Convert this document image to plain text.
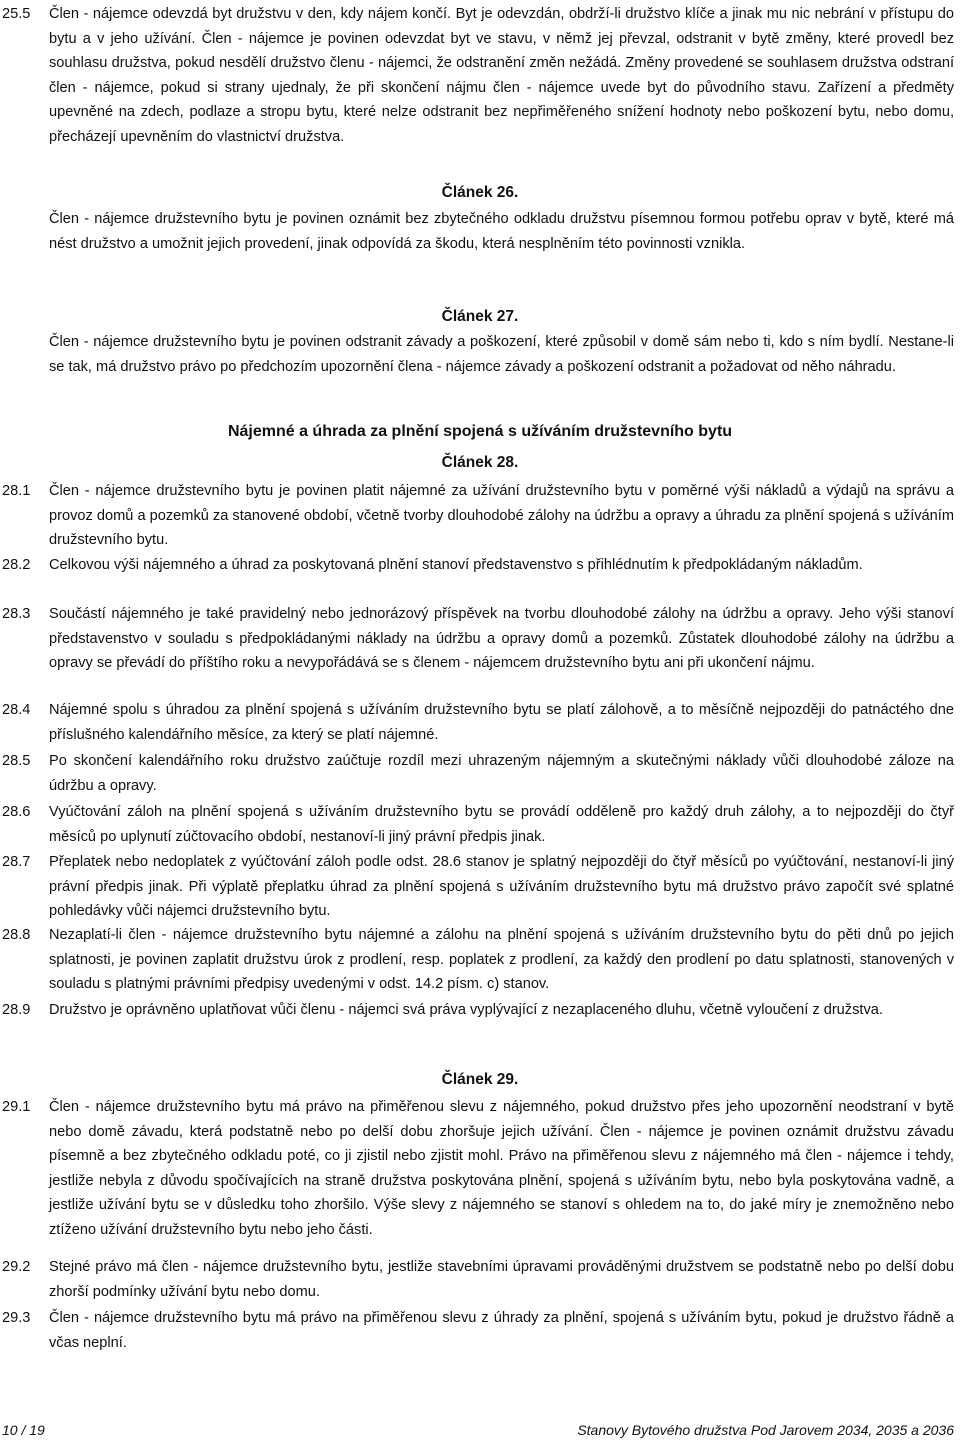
25.5 Člen - nájemce odevzdá byt družstvu v den, kdy nájem končí. Byt je odevzdán, obdrží-li družstvo klíče a jinak mu nic nebrání v přístupu do bytu a v jeho užívání. Člen - nájemce je povinen odevzdat byt ve stavu, v němž jej převzal, odstranit v bytě změny, které provedl bez souhlasu družstva, pokud nesdělí družstvo členu - nájemci, že odstranění změn nežádá. Změny provedené se souhlasem družstva odstraní člen - nájemce, pokud si strany ujednaly, že při skončení nájmu člen - nájemce uvede byt do původního stavu. Zařízení a předměty upevněné na zdech, podlaze a stropu bytu, které nelze odstranit bez nepřiměřeného snížení hodnoty nebo poškození bytu, nebo domu, přecházejí upevněním do vlastnictví družstva.
Článek 26.
Člen - nájemce družstevního bytu je povinen oznámit bez zbytečného odkladu družstvu písemnou formou potřebu oprav v bytě, které má nést družstvo a umožnit jejich provedení, jinak odpovídá za škodu, která nesplněním této povinnosti vznikla.
Článek 27.
Člen - nájemce družstevního bytu je povinen odstranit závady a poškození, které způsobil v domě sám nebo ti, kdo s ním bydlí. Nestane-li se tak, má družstvo právo po předchozím upozornění člena - nájemce závady a poškození odstranit a požadovat od něho náhradu.
Nájemné a úhrada za plnění spojená s užíváním družstevního bytu
Článek 28.
28.1 Člen - nájemce družstevního bytu je povinen platit nájemné za užívání družstevního bytu v poměrné výši nákladů a výdajů na správu a provoz domů a pozemků za stanovené období, včetně tvorby dlouhodobé zálohy na údržbu a opravy a úhradu za plnění spojená s užíváním družstevního bytu.
28.2 Celkovou výši nájemného a úhrad za poskytovaná plnění stanoví představenstvo s přihlédnutím k předpokládaným nákladům.
28.3 Součástí nájemného je také pravidelný nebo jednorázový příspěvek na tvorbu dlouhodobé zálohy na údržbu a opravy. Jeho výši stanoví představenstvo v souladu s předpokládanými náklady na údržbu a opravy domů a pozemků. Zůstatek dlouhodobé zálohy na údržbu a opravy se převádí do příštího roku a nevypořádává se s členem - nájemcem družstevního bytu ani při ukončení nájmu.
28.4 Nájemné spolu s úhradou za plnění spojená s užíváním družstevního bytu se platí zálohově, a to měsíčně nejpozději do patnáctého dne příslušného kalendářního měsíce, za který se platí nájemné.
28.5 Po skončení kalendářního roku družstvo zaúčtuje rozdíl mezi uhrazeným nájemným a skutečnými náklady vůči dlouhodobé záloze na údržbu a opravy.
28.6 Vyúčtování záloh na plnění spojená s užíváním družstevního bytu se provádí odděleně pro každý druh zálohy, a to nejpozději do čtyř měsíců po uplynutí zúčtovacího období, nestanoví-li jiný právní předpis jinak.
28.7 Přeplatek nebo nedoplatek z vyúčtování záloh podle odst. 28.6 stanov je splatný nejpozději do čtyř měsíců po vyúčtování, nestanoví-li jiný právní předpis jinak. Při výplatě přeplatku úhrad za plnění spojená s užíváním družstevního bytu má družstvo právo započít své splatné pohledávky vůči nájemci družstevního bytu.
28.8 Nezaplatí-li člen - nájemce družstevního bytu nájemné a zálohu na plnění spojená s užíváním družstevního bytu do pěti dnů po jejich splatnosti, je povinen zaplatit družstvu úrok z prodlení, resp. poplatek z prodlení, za každý den prodlení po datu splatnosti, stanovených v souladu s platnými právními předpisy uvedenými v odst. 14.2 písm. c) stanov.
28.9 Družstvo je oprávněno uplatňovat vůči členu - nájemci svá práva vyplývající z nezaplaceného dluhu, včetně vyloučení z družstva.
Článek 29.
29.1 Člen - nájemce družstevního bytu má právo na přiměřenou slevu z nájemného, pokud družstvo přes jeho upozornění neodstraní v bytě nebo domě závadu, která podstatně nebo po delší dobu zhoršuje jejich užívání. Člen - nájemce je povinen oznámit družstvu závadu písemně a bez zbytečného odkladu poté, co ji zjistil nebo zjistit mohl. Právo na přiměřenou slevu z nájemného má člen - nájemce i tehdy, jestliže nebyla z důvodu spočívajících na straně družstva poskytována plnění, spojená s užíváním bytu, nebo byla poskytována vadně, a jestliže užívání bytu se v důsledku toho zhoršilo. Výše slevy z nájemného se stanoví s ohledem na to, do jaké míry je znemožněno nebo ztíženo užívání družstevního bytu nebo jeho části.
29.2 Stejné právo má člen - nájemce družstevního bytu, jestliže stavebními úpravami prováděnými družstvem se podstatně nebo po delší dobu zhorší podmínky užívání bytu nebo domu.
29.3 Člen - nájemce družstevního bytu má právo na přiměřenou slevu z úhrady za plnění, spojená s užíváním bytu, pokud je družstvo řádně a včas neplní.
10 / 19	Stanovy Bytového družstva Pod Jarovem 2034, 2035 a 2036
